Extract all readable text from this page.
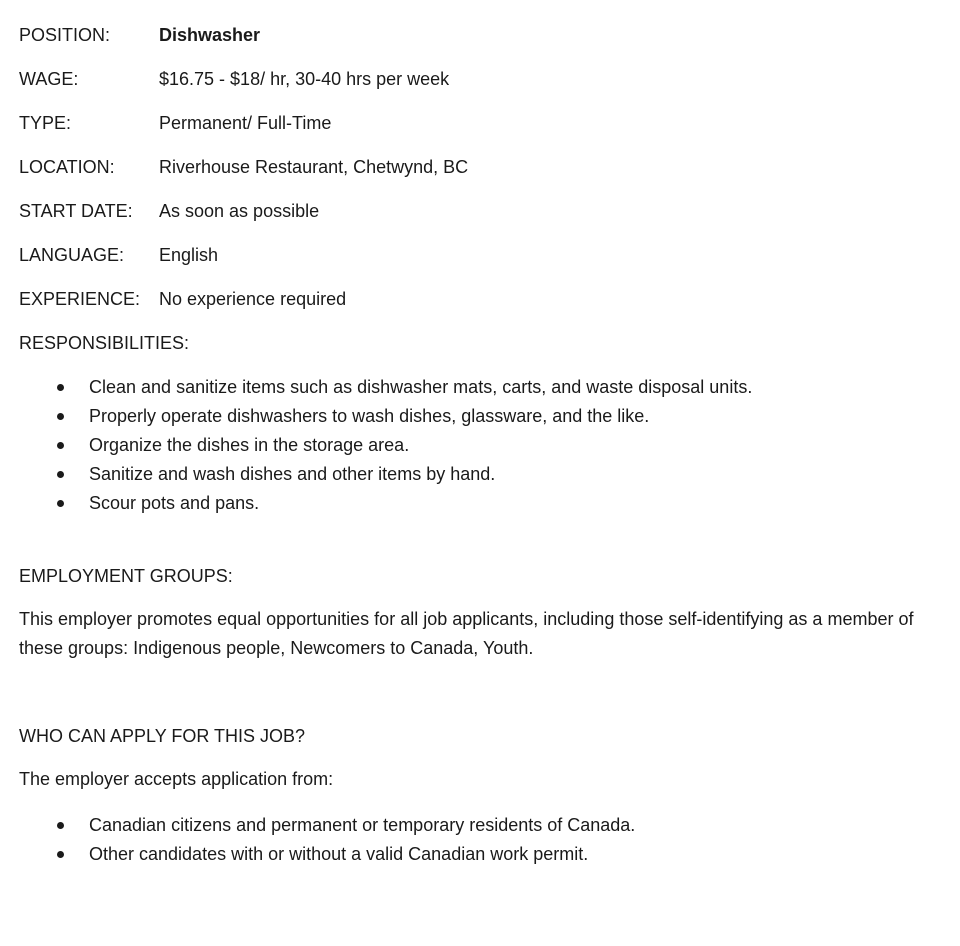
POSITION:	Dishwasher
WAGE:	$16.75 - $18/ hr, 30-40 hrs per week
TYPE:	Permanent/ Full-Time
LOCATION:	Riverhouse Restaurant, Chetwynd, BC
START DATE:	As soon as possible
LANGUAGE:	English
EXPERIENCE:	No experience required

RESPONSIBILITIES:

Clean and sanitize items such as dishwasher mats, carts, and waste disposal units.
Properly operate dishwashers to wash dishes, glassware, and the like.
Organize the dishes in the storage area.
Sanitize and wash dishes and other items by hand.
Scour pots and pans.

EMPLOYMENT GROUPS:

This employer promotes equal opportunities for all job applicants, including those self-identifying as a member of these groups: Indigenous people, Newcomers to Canada, Youth.

WHO CAN APPLY FOR THIS JOB?

The employer accepts application from:

Canadian citizens and permanent or temporary residents of Canada.
Other candidates with or without a valid Canadian work permit.
